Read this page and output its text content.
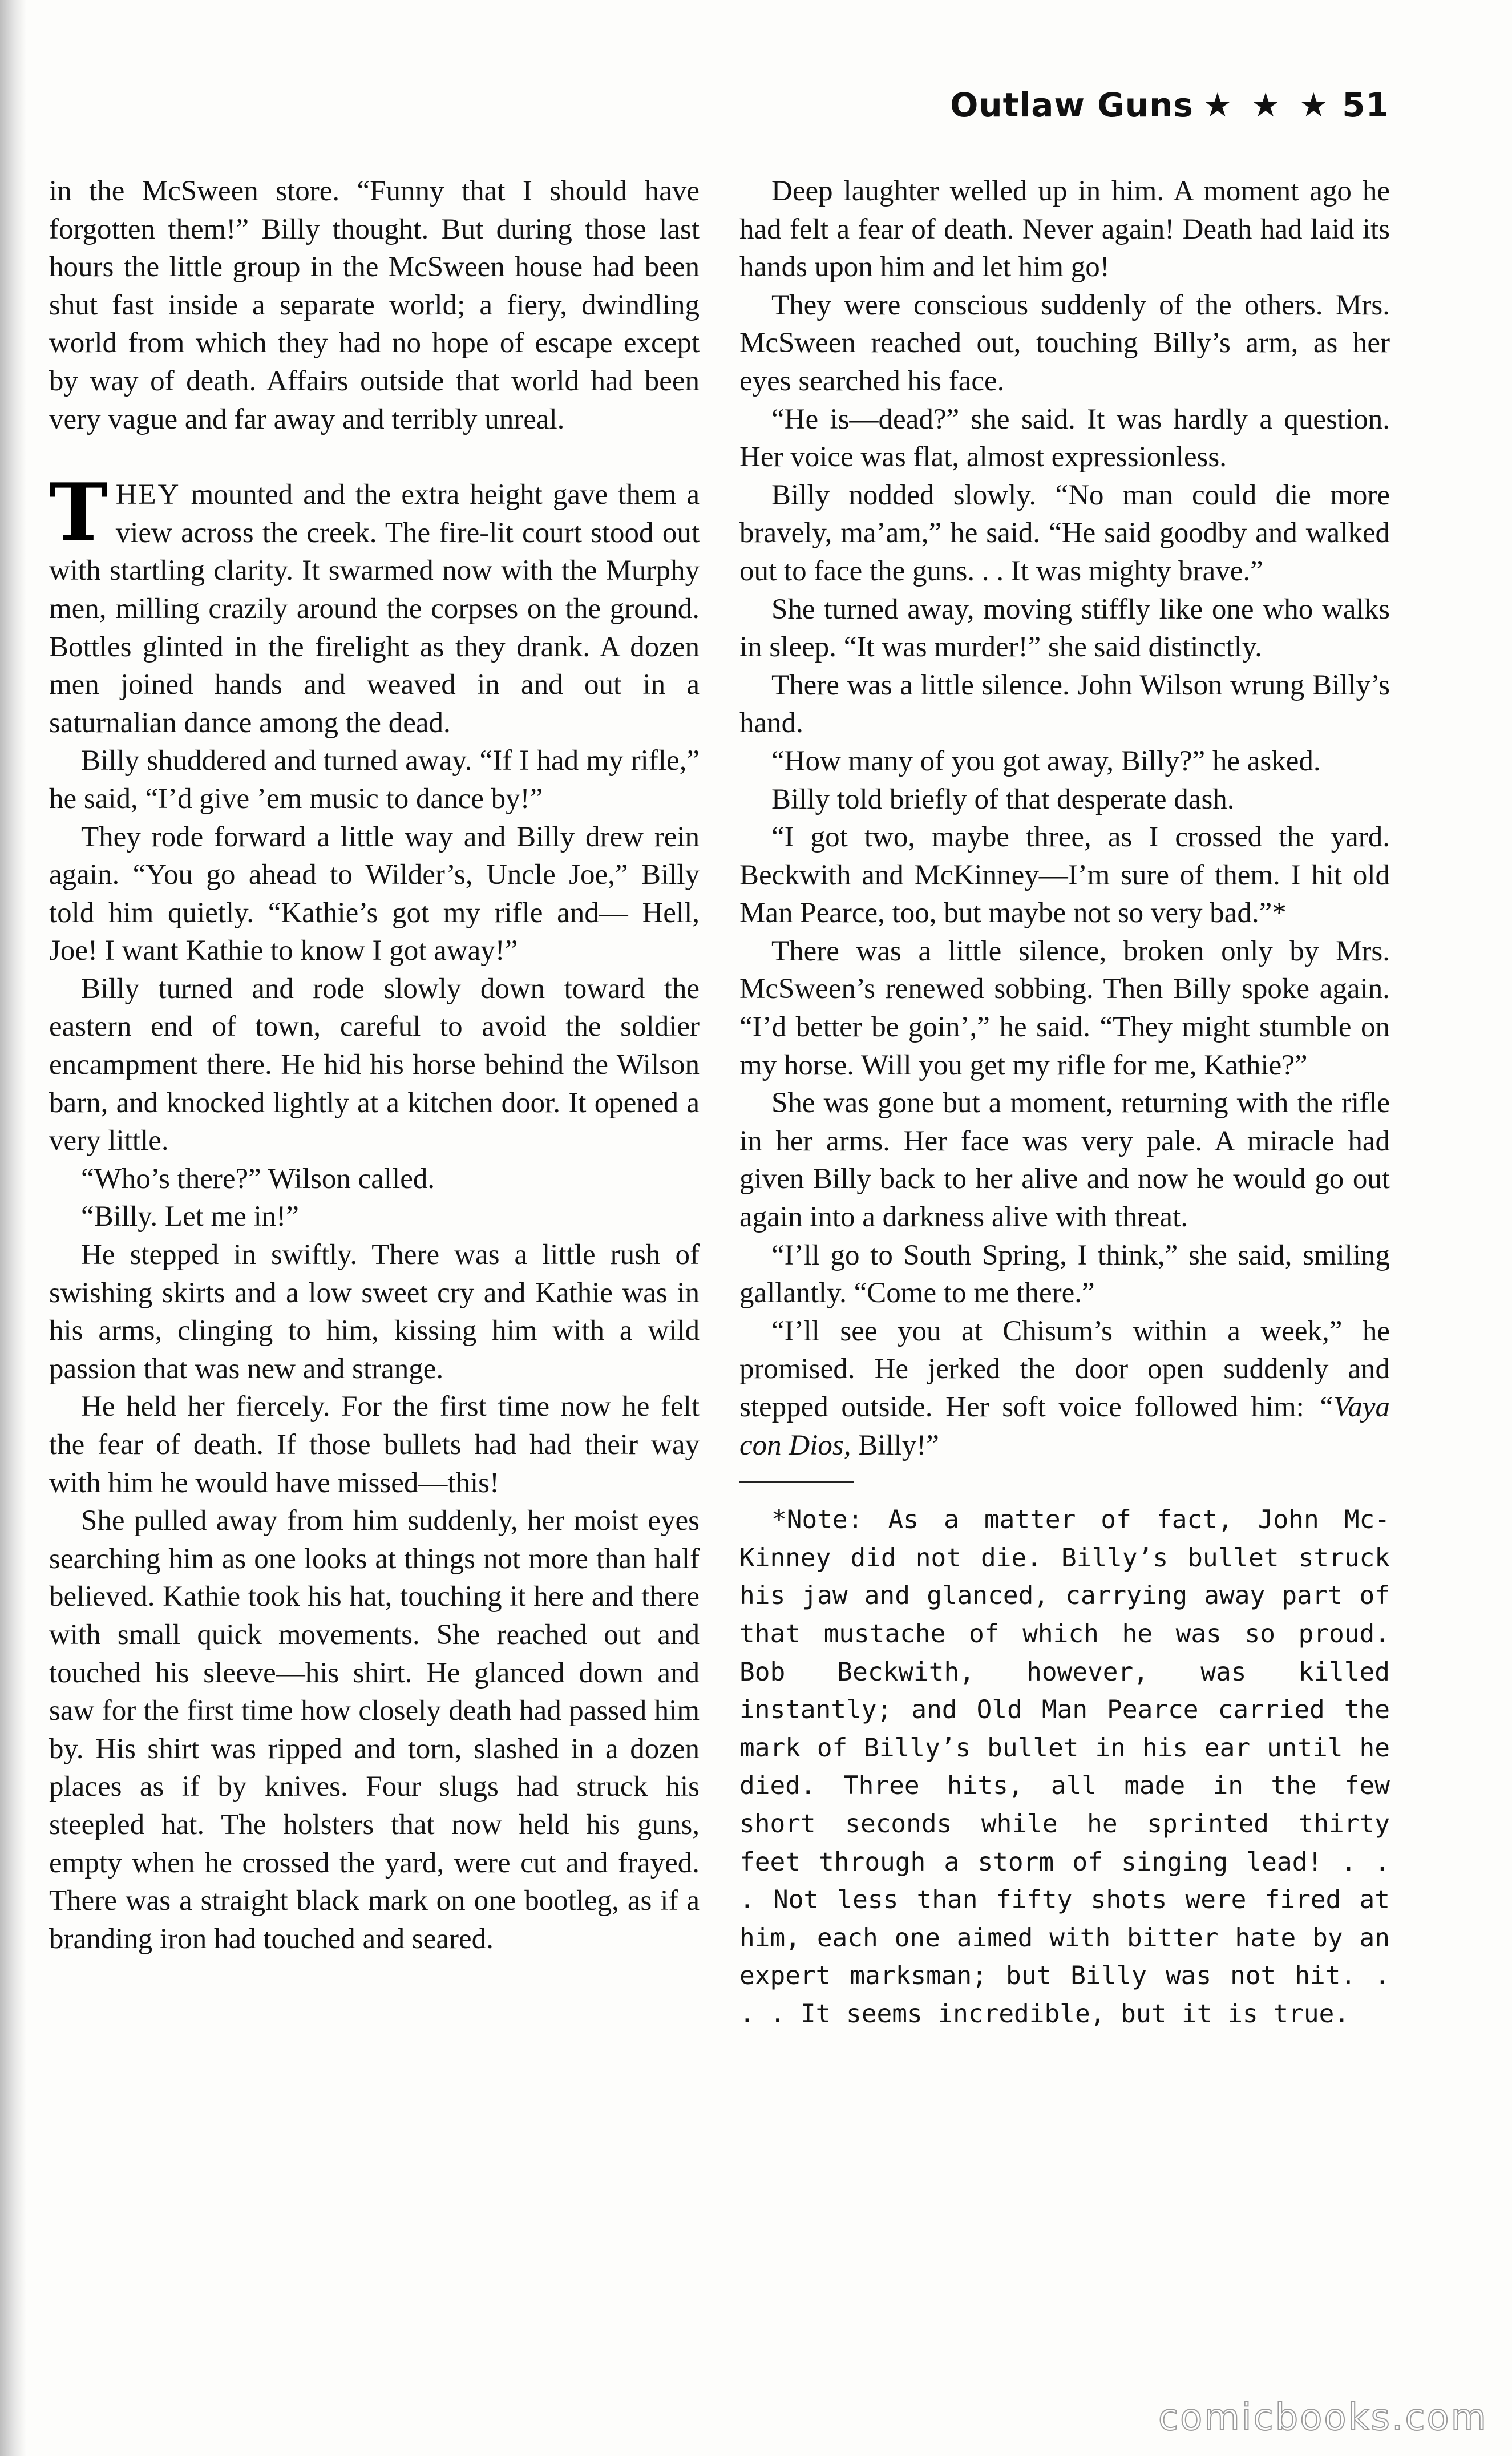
Outlaw Guns ★ ★ ★ 51

in the McSween store. “Funny that I should have forgotten them!” Billy thought. But during those last hours the little group in the McSween house had been shut fast inside a separate world; a fiery, dwindling world from which they had no hope of escape except by way of death. Affairs outside that world had been very vague and far away and terribly unreal.

THEY mounted and the extra height gave them a view across the creek. The fire-lit court stood out with startling clarity. It swarmed now with the Murphy men, milling crazily around the corpses on the ground. Bottles glinted in the firelight as they drank. A dozen men joined hands and weaved in and out in a saturnalian dance among the dead.

Billy shuddered and turned away. “If I had my rifle,” he said, “I’d give ’em music to dance by!”

They rode forward a little way and Billy drew rein again. “You go ahead to Wilder’s, Uncle Joe,” Billy told him quietly. “Kathie’s got my rifle and— Hell, Joe! I want Kathie to know I got away!”

Billy turned and rode slowly down toward the eastern end of town, careful to avoid the soldier encampment there. He hid his horse behind the Wilson barn, and knocked lightly at a kitchen door. It opened a very little.

“Who’s there?” Wilson called.

“Billy. Let me in!”

He stepped in swiftly. There was a little rush of swishing skirts and a low sweet cry and Kathie was in his arms, clinging to him, kissing him with a wild passion that was new and strange.

He held her fiercely. For the first time now he felt the fear of death. If those bullets had had their way with him he would have missed—this!

She pulled away from him suddenly, her moist eyes searching him as one looks at things not more than half believed. Kathie took his hat, touching it here and there with small quick movements. She reached out and touched his sleeve—his shirt. He glanced down and saw for the first time how closely death had passed him by. His shirt was ripped and torn, slashed in a dozen places as if by knives. Four slugs had struck his steepled hat. The holsters that now held his guns, empty when he crossed the yard, were cut and frayed. There was a straight black mark on one bootleg, as if a branding iron had touched and seared.

Deep laughter welled up in him. A moment ago he had felt a fear of death. Never again! Death had laid its hands upon him and let him go!

They were conscious suddenly of the others. Mrs. McSween reached out, touching Billy’s arm, as her eyes searched his face.

“He is—dead?” she said. It was hardly a question. Her voice was flat, almost expressionless.

Billy nodded slowly. “No man could die more bravely, ma’am,” he said. “He said goodby and walked out to face the guns. . . It was mighty brave.”

She turned away, moving stiffly like one who walks in sleep. “It was murder!” she said distinctly.

There was a little silence. John Wilson wrung Billy’s hand.

“How many of you got away, Billy?” he asked.

Billy told briefly of that desperate dash.

“I got two, maybe three, as I crossed the yard. Beckwith and McKinney—I’m sure of them. I hit old Man Pearce, too, but maybe not so very bad.”*

There was a little silence, broken only by Mrs. McSween’s renewed sobbing. Then Billy spoke again. “I’d better be goin’,” he said. “They might stumble on my horse. Will you get my rifle for me, Kathie?”

She was gone but a moment, returning with the rifle in her arms. Her face was very pale. A miracle had given Billy back to her alive and now he would go out again into a darkness alive with threat.

“I’ll go to South Spring, I think,” she said, smiling gallantly. “Come to me there.”

“I’ll see you at Chisum’s within a week,” he promised. He jerked the door open suddenly and stepped outside. Her soft voice followed him: “Vaya con Dios, Billy!”

*Note: As a matter of fact, John McKinney did not die. Billy’s bullet struck his jaw and glanced, carrying away part of that mustache of which he was so proud. Bob Beckwith, however, was killed instantly; and Old Man Pearce carried the mark of Billy’s bullet in his ear until he died. Three hits, all made in the few short seconds while he sprinted thirty feet through a storm of singing lead! . . . Not less than fifty shots were fired at him, each one aimed with bitter hate by an expert marksman; but Billy was not hit. . . . It seems incredible, but it is true.

comicbooks.com
